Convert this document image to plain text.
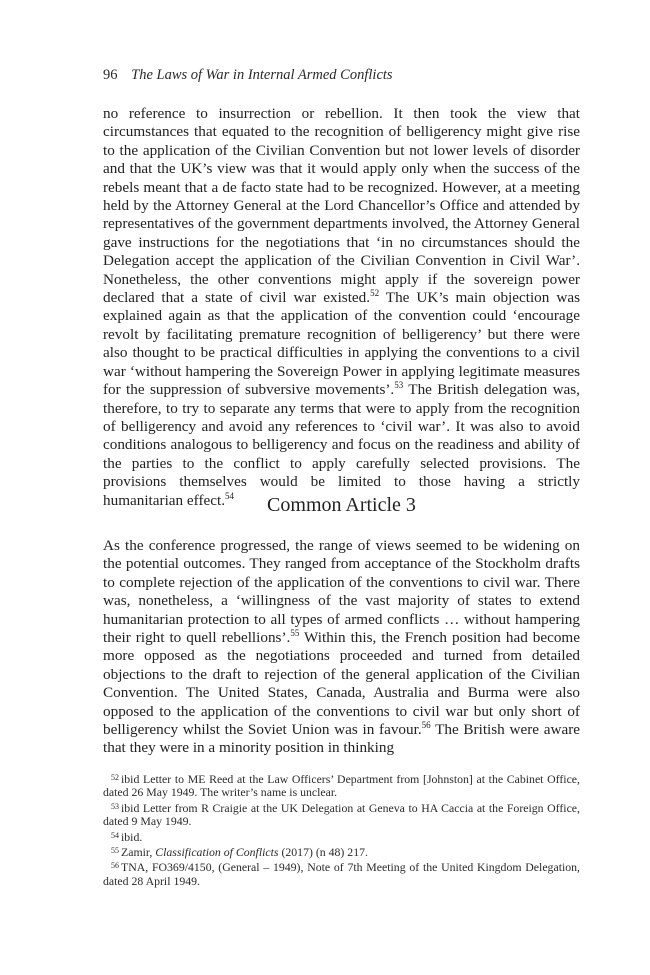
96 The Laws of War in Internal Armed Conflicts

no reference to insurrection or rebellion. It then took the view that circumstances that equated to the recognition of belligerency might give rise to the application of the Civilian Convention but not lower levels of disorder and that the UK’s view was that it would apply only when the success of the rebels meant that a de facto state had to be recognized. However, at a meeting held by the Attorney General at the Lord Chancellor’s Office and attended by representatives of the government departments involved, the Attorney General gave instructions for the negotiations that ‘in no circumstances should the Delegation accept the application of the Civilian Convention in Civil War’. Nonetheless, the other conventions might apply if the sovereign power declared that a state of civil war existed.$^{52}$ The UK’s main objection was explained again as that the application of the convention could ‘encourage revolt by facilitating premature recognition of belligerency’ but there were also thought to be practical difficulties in applying the conventions to a civil war ‘without hampering the Sovereign Power in applying legitimate measures for the suppression of subversive movements’.$^{53}$ The British delegation was, therefore, to try to separate any terms that were to apply from the recognition of belligerency and avoid any references to ‘civil war’. It was also to avoid conditions analogous to belligerency and focus on the readiness and ability of the parties to the conflict to apply carefully selected provisions. The provisions themselves would be limited to those having a strictly humanitarian effect.$^{54}$	Common Article 3

As the conference progressed, the range of views seemed to be widening on the potential outcomes. They ranged from acceptance of the Stockholm drafts to complete rejection of the application of the conventions to civil war. There was, nonetheless, a ‘willingness of the vast majority of states to extend humanitarian protection to all types of armed conflicts … without hampering their right to quell rebellions’.$^{55}$ Within this, the French position had become more opposed as the negotiations proceeded and turned from detailed objections to the draft to rejection of the general application of the Civilian Convention. The United States, Canada, Australia and Burma were also opposed to the application of the conventions to civil war but only short of belligerency whilst the Soviet Union was in favour.$^{56}$ The British were aware that they were in a minority position in thinking

$^{52}$ ibid Letter to ME Reed at the Law Officers’ Department from [Johnston] at the Cabinet Office, dated 26 May 1949. The writer’s name is unclear.

$^{53}$ ibid Letter from R Craigie at the UK Delegation at Geneva to HA Caccia at the Foreign Office, dated 9 May 1949.

$^{54}$ ibid.

$^{55}$ Zamir, Classification of Conflicts (2017) (n 48) 217.

$^{56}$ TNA, FO369/4150, (General – 1949), Note of 7th Meeting of the United Kingdom Delegation, dated 28 April 1949.
